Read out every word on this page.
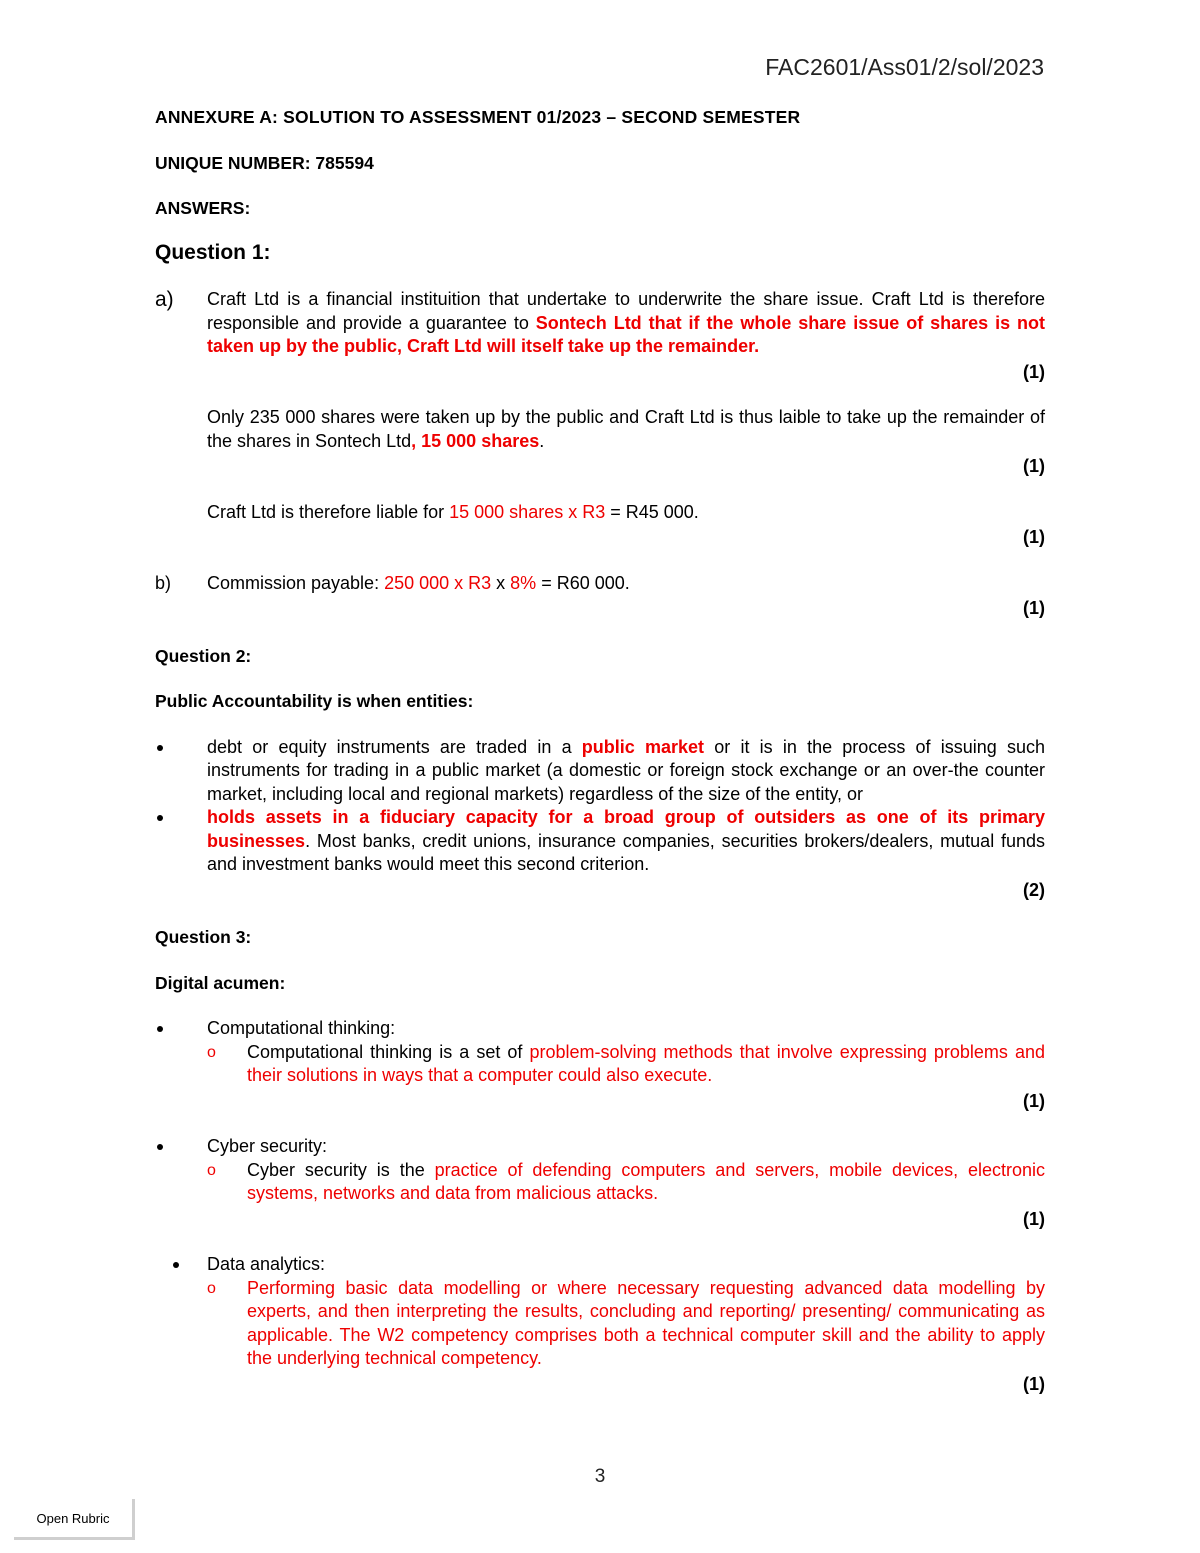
FAC2601/Ass01/2/sol/2023
ANNEXURE A: SOLUTION TO ASSESSMENT 01/2023 – SECOND SEMESTER
UNIQUE NUMBER: 785594
ANSWERS:
Question 1:
a)	Craft Ltd is a financial instituition that undertake to underwrite the share issue. Craft Ltd is therefore responsible and provide a guarantee to Sontech Ltd that if the whole share issue of shares is not taken up by the public, Craft Ltd will itself take up the remainder.
(1)
Only 235 000 shares were taken up by the public and Craft Ltd is thus laible to take up the remainder of the shares in Sontech Ltd, 15 000 shares.
(1)
Craft Ltd is therefore liable for 15 000 shares x R3 = R45 000.
(1)
b)	Commission payable: 250 000 x R3 x 8% = R60 000.
(1)
Question 2:
Public Accountability is when entities:
debt or equity instruments are traded in a public market or it is in the process of issuing such instruments for trading in a public market (a domestic or foreign stock exchange or an over-the counter market, including local and regional markets) regardless of the size of the entity, or
holds assets in a fiduciary capacity for a broad group of outsiders as one of its primary businesses. Most banks, credit unions, insurance companies, securities brokers/dealers, mutual funds and investment banks would meet this second criterion.
(2)
Question 3:
Digital acumen:
Computational thinking:
o	Computational thinking is a set of problem-solving methods that involve expressing problems and their solutions in ways that a computer could also execute.
(1)
Cyber security:
o	Cyber security is the practice of defending computers and servers, mobile devices, electronic systems, networks and data from malicious attacks.
(1)
Data analytics:
o	Performing basic data modelling or where necessary requesting advanced data modelling by experts, and then interpreting the results, concluding and reporting/ presenting/ communicating as applicable. The W2 competency comprises both a technical computer skill and the ability to apply the underlying technical competency.
(1)
3
Open Rubric
